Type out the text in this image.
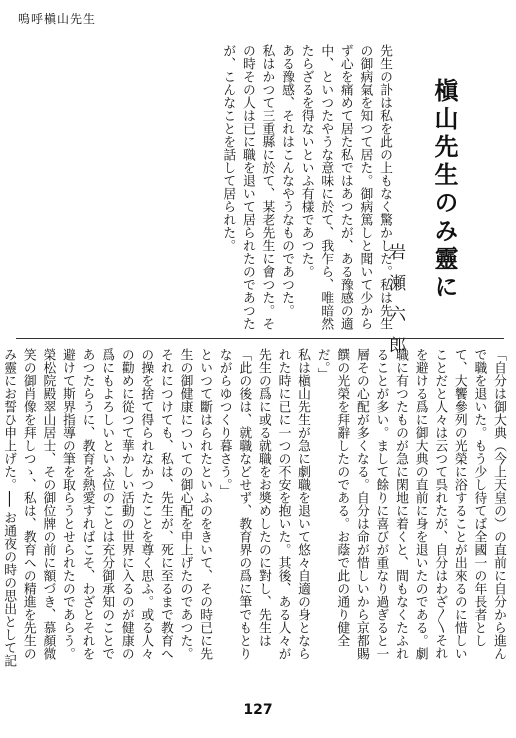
嗚呼槇山先生
槇山先生のみ靈に
岩瀬六郎

先生の訃は私を此の上もなく驚かした。私は先生の御病氣を知つて居た。御病篤しと聞いて少からず心を痛めて居た私ではあつたが、ある豫感の適中、といつたやうな意味に於て、我乍ら、唯暗然たらざるを得ないといふ有樣であつた。

ある豫感、それはこんなやうなものであつた。

私はかつて三重縣に於て、某老先生に會つた。その時その人は已に職を退いて居られたのであつたが、こんなことを話して居られた。

「自分は御大典（今上天皇の）の直前に自分から進んで職を退いた。もう少し待てば全國一の年長者として、大饗參列の光榮に浴することが出來るのに惜しいことだと人々は云つて呉れたが、自分はわざ〳〵それを避ける爲に御大典の直前に身を退いたのである。劇職に有つたものが急に閑地に着くと、間もなくたふれることが多い。まして餘りに喜びが重なり過ぎると一層その心配が多くなる。自分は命が惜しいから京都賜饌の光榮を拜辭したのである。お蔭で此の通り健全だ。」

私は槇山先生が急に劇職を退いて悠々自適の身となられた時に已に一つの不安を抱いた。其後、ある人々が先生の爲に或る就職をお奬めしたのに對し、先生は

「此の後は、就職などせず、教育界の爲に筆でもとりながらゆつくり暮さう。」

といつて斷はられたといふのをきいて、その時已に先生の御健康についての御心配を申上げたのであつた。

それにつけても、私は、先生が、死に至るまで教育への操を捨て得られなかつたことを尊く思ふ。或る人々の勸めに從つて華かしい活動の世界に入るのが健康の爲にもよろしいといふ位のことは充分御承知のことであつたらうに、教育を熱愛すればこそ、わざとそれを避けて斯界指導の筆を取らうとせられたのであらう。

榮松院殿翠山居士、その御位牌の前に額づき、慕顏微笑の御肖像を拜しつゝ、私は、教育への精進を先生のみ靈にお誓ひ申上げた。── お通夜の時の思出として記

127
